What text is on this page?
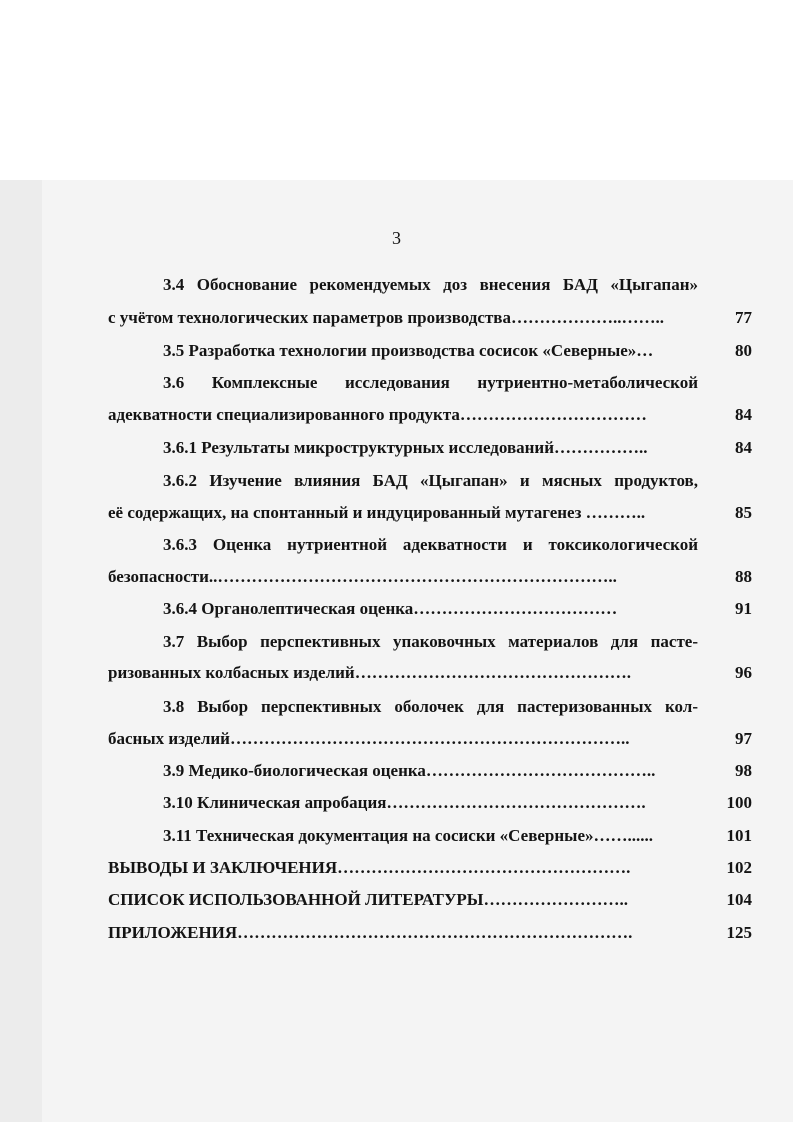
3
3.4 Обоснование рекомендуемых доз внесения БАД «Цыгапан»
с учётом технологических параметров производства………………..……..	77
3.5 Разработка технологии производства сосисок «Северные»…	80
3.6 Комплексные исследования нутриентно-метаболической
адекватности специализированного продукта……………………………	84
3.6.1 Результаты микроструктурных исследований……………..	84
3.6.2 Изучение влияния БАД «Цыгапан» и мясных продуктов,
её содержащих, на спонтанный и индуцированный мутагенез ………..	85
3.6.3 Оценка нутриентной адекватности и токсикологической
безопасности..……………………………………………………………..	88
3.6.4 Органолептическая оценка………………………………	91
3.7 Выбор перспективных упаковочных материалов для пасте-
ризованных колбасных изделий………………………………………….	96
3.8 Выбор перспективных оболочек для пастеризованных кол-
басных изделий……………………………………………………………..	97
3.9 Медико-биологическая оценка…………………………………..	98
3.10 Клиническая апробация……………………………………….	100
3.11 Техническая документация на сосиски «Северные»……......	101
ВЫВОДЫ И ЗАКЛЮЧЕНИЯ…………………………………………….	102
СПИСОК ИСПОЛЬЗОВАННОЙ ЛИТЕРАТУРЫ……………………..	104
ПРИЛОЖЕНИЯ…………………………………………………………….	125
